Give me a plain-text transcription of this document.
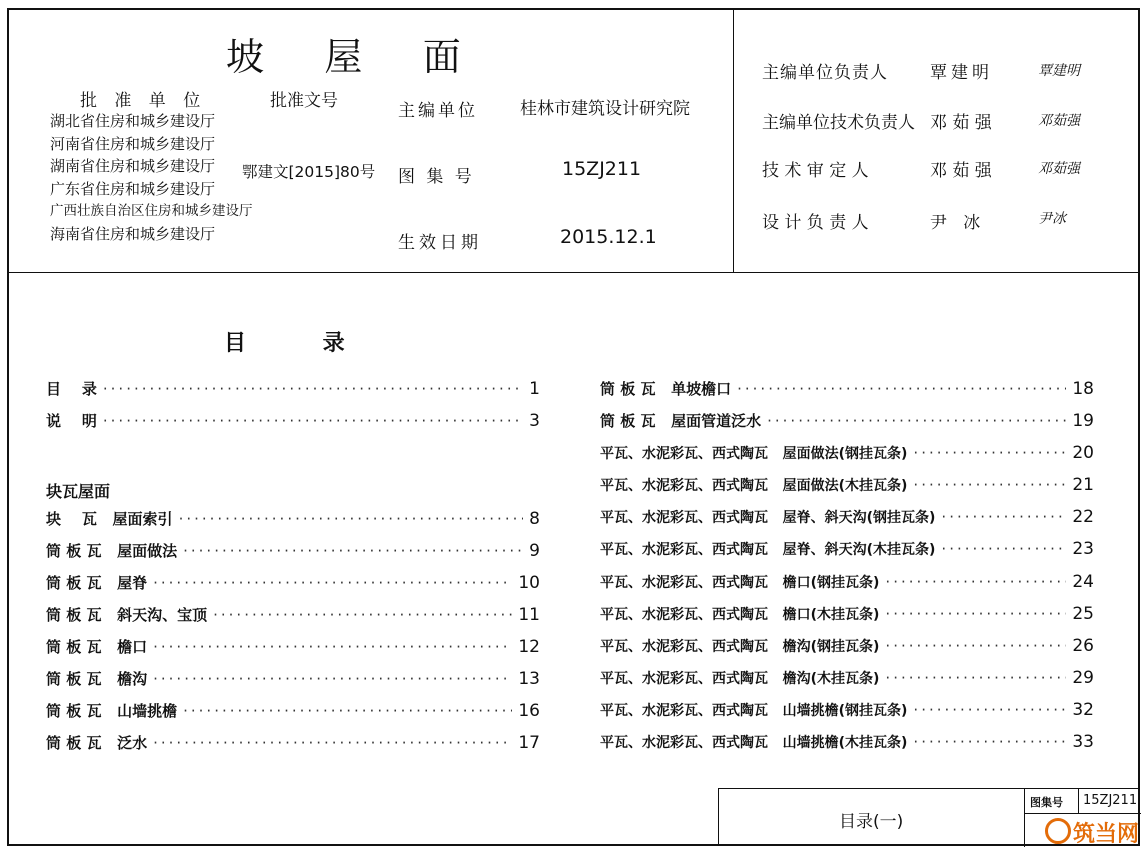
坡     屋     面
批 准 单 位
湖北省住房和城乡建设厅
河南省住房和城乡建设厅
湖南省住房和城乡建设厅
广东省住房和城乡建设厅
广西壮族自治区住房和城乡建设厅
海南省住房和城乡建设厅
批准文号
鄂建文[2015]80号
主编单位 桂林市建筑设计研究院
图 集 号	15ZJ211
生效日期	2015.12.1
主编单位负责人 覃建明	覃建明
主编单位技术负责人 邓 茹 强	邓茹强
技 术 审 定 人	邓 茹 强	邓茹强
设 计 负 责 人	尹   冰	尹冰
目          录
目    录 ·····	1
说    明 ·····	3
块瓦屋面
块    瓦   屋面索引 ·····	8
筒 板 瓦   屋面做法 ·····	9
筒 板 瓦   屋脊 ·····	10
筒 板 瓦   斜天沟、宝顶 ·····	11
筒 板 瓦   檐口 ·····	12
筒 板 瓦   檐沟 ·····	13
筒 板 瓦   山墙挑檐 ·····	16
筒 板 瓦   泛水 ·····	17
筒 板 瓦   单坡檐口 ·····	18
筒 板 瓦   屋面管道泛水 ·····	19
平瓦、水泥彩瓦、西式陶瓦   屋面做法(钢挂瓦条) ·····	20
平瓦、水泥彩瓦、西式陶瓦   屋面做法(木挂瓦条) ·····	21
平瓦、水泥彩瓦、西式陶瓦   屋脊、斜天沟(钢挂瓦条) ·····	22
平瓦、水泥彩瓦、西式陶瓦   屋脊、斜天沟(木挂瓦条) ·····	23
平瓦、水泥彩瓦、西式陶瓦   檐口(钢挂瓦条) ·····	24
平瓦、水泥彩瓦、西式陶瓦   檐口(木挂瓦条) ·····	25
平瓦、水泥彩瓦、西式陶瓦   檐沟(钢挂瓦条) ·····	26
平瓦、水泥彩瓦、西式陶瓦   檐沟(木挂瓦条) ·····	29
平瓦、水泥彩瓦、西式陶瓦   山墙挑檐(钢挂瓦条) ·····	32
平瓦、水泥彩瓦、西式陶瓦   山墙挑檐(木挂瓦条) ·····	33
目录(一)
图集号 15ZJ211
筑当网
